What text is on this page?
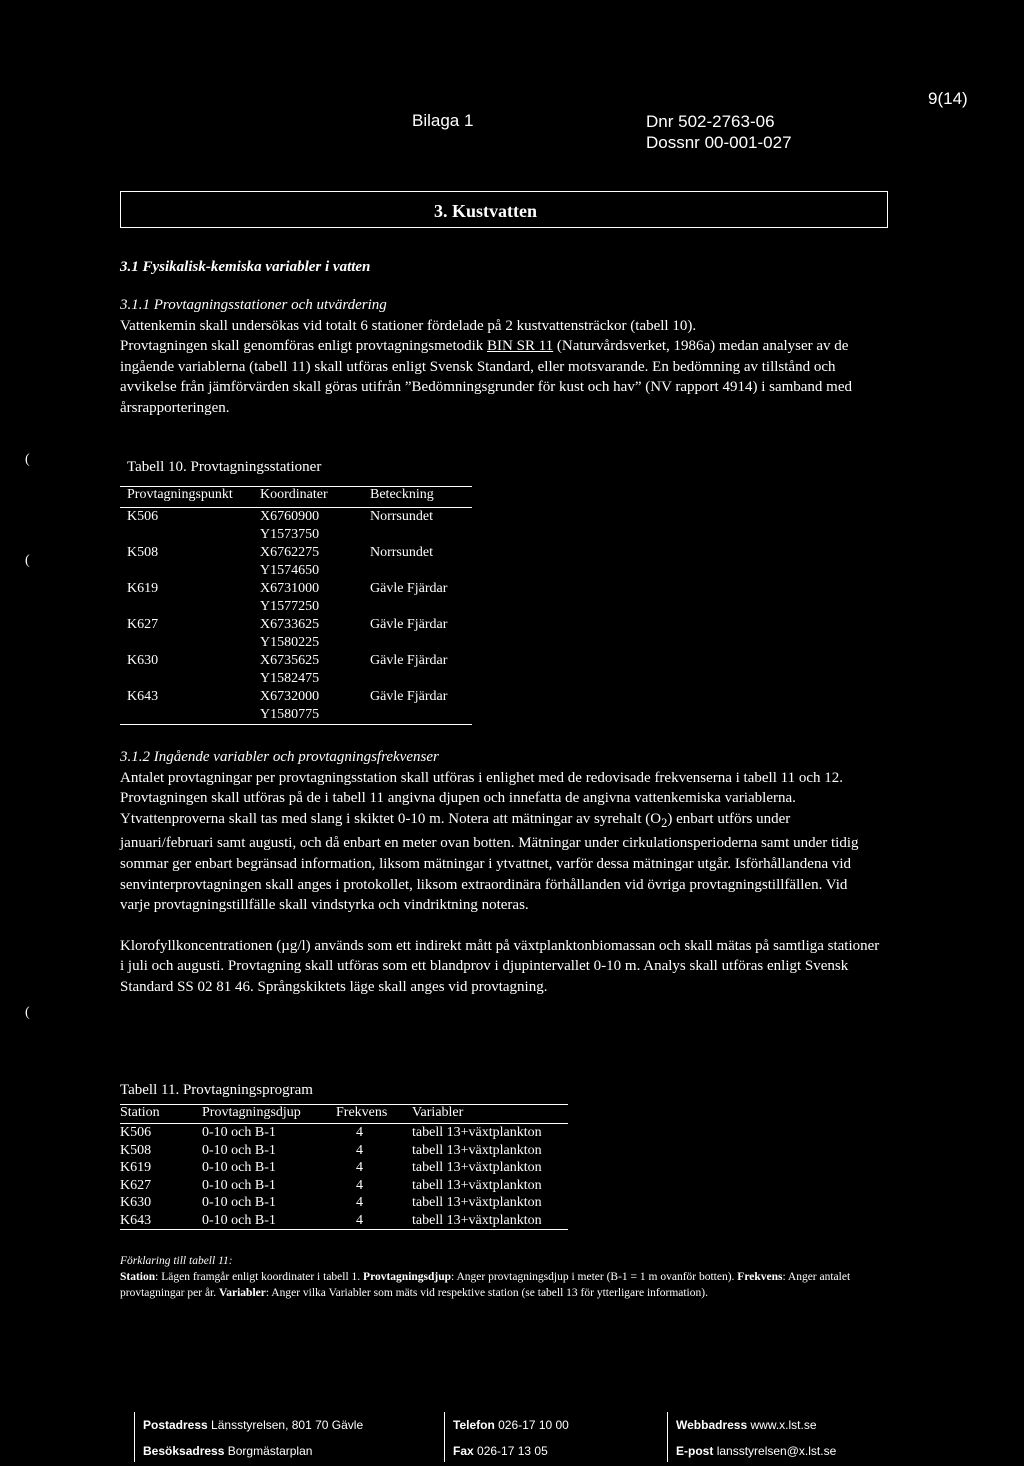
9(14)
Bilaga 1	Dnr 502-2763-06
Dossnr 00-001-027
3. Kustvatten
(
(
(
3.1 Fysikalisk-kemiska variabler i vatten
3.1.1 Provtagningsstationer och utvärdering
Vattenkemin skall undersökas vid totalt 6 stationer fördelade på 2 kustvattensträckor (tabell 10).
Provtagningen skall genomföras enligt provtagningsmetodik BIN SR 11 (Naturvårdsverket, 1986a) medan analyser av de ingående variablerna (tabell 11) skall utföras enligt Svensk Standard, eller motsvarande. En bedömning av tillstånd och avvikelse från jämförvärden skall göras utifrån ”Bedömningsgrunder för kust och hav” (NV rapport 4914) i samband med årsrapporteringen.
Tabell 10. Provtagningsstationer
Provtagningspunkt	Koordinater	Beteckning
K506	X6760900	Norrsundet
	Y1573750	
K508	X6762275	Norrsundet
	Y1574650	
K619	X6731000	Gävle Fjärdar
	Y1577250	
K627	X6733625	Gävle Fjärdar
	Y1580225	
K630	X6735625	Gävle Fjärdar
	Y1582475	
K643	X6732000	Gävle Fjärdar
	Y1580775	
3.1.2 Ingående variabler och provtagningsfrekvenser
Antalet provtagningar per provtagningsstation skall utföras i enlighet med de redovisade frekvenserna i tabell 11 och 12. Provtagningen skall utföras på de i tabell 11 angivna djupen och innefatta de angivna vattenkemiska variablerna. Ytvattenproverna skall tas med slang i skiktet 0-10 m. Notera att mätningar av syrehalt $(O_2)$ enbart utförs under januari/februari samt augusti, och då enbart en meter ovan botten. Mätningar under cirkulationsperioderna samt under tidig sommar ger enbart begränsad information, liksom mätningar i ytvattnet, varför dessa mätningar utgår. Isförhållandena vid senvinterprovtagningen skall anges i protokollet, liksom extraordinära förhållanden vid övriga provtagningstillfällen. Vid varje provtagningstillfälle skall vindstyrka och vindriktning noteras.
Klorofyllkoncentrationen (µg/l) används som ett indirekt mått på växtplanktonbiomassan och skall mätas på samtliga stationer i juli och augusti. Provtagning skall utföras som ett blandprov i djupintervallet 0-10 m. Analys skall utföras enligt Svensk Standard SS 02 81 46. Språngskiktets läge skall anges vid provtagning.
Tabell 11. Provtagningsprogram
Station	Provtagningsdjup	Frekvens	Variabler
K506	0-10 och B-1	4	tabell 13+växtplankton
K508	0-10 och B-1	4	tabell 13+växtplankton
K619	0-10 och B-1	4	tabell 13+växtplankton
K627	0-10 och B-1	4	tabell 13+växtplankton
K630	0-10 och B-1	4	tabell 13+växtplankton
K643	0-10 och B-1	4	tabell 13+växtplankton
Förklaring till tabell 11:
Station: Lägen framgår enligt koordinater i tabell 1. Provtagningsdjup: Anger provtagningsdjup i meter (B-1 = 1 m ovanför botten). Frekvens: Anger antalet provtagningar per år. Variabler: Anger vilka Variabler som mäts vid respektive station (se tabell 13 för ytterligare information).
Postadress Länsstyrelsen, 801 70 Gävle
Besöksadress Borgmästarplan
Telefon 026-17 10 00
Fax 026-17 13 05
Webbadress www.x.lst.se
E-post lansstyrelsen@x.lst.se
